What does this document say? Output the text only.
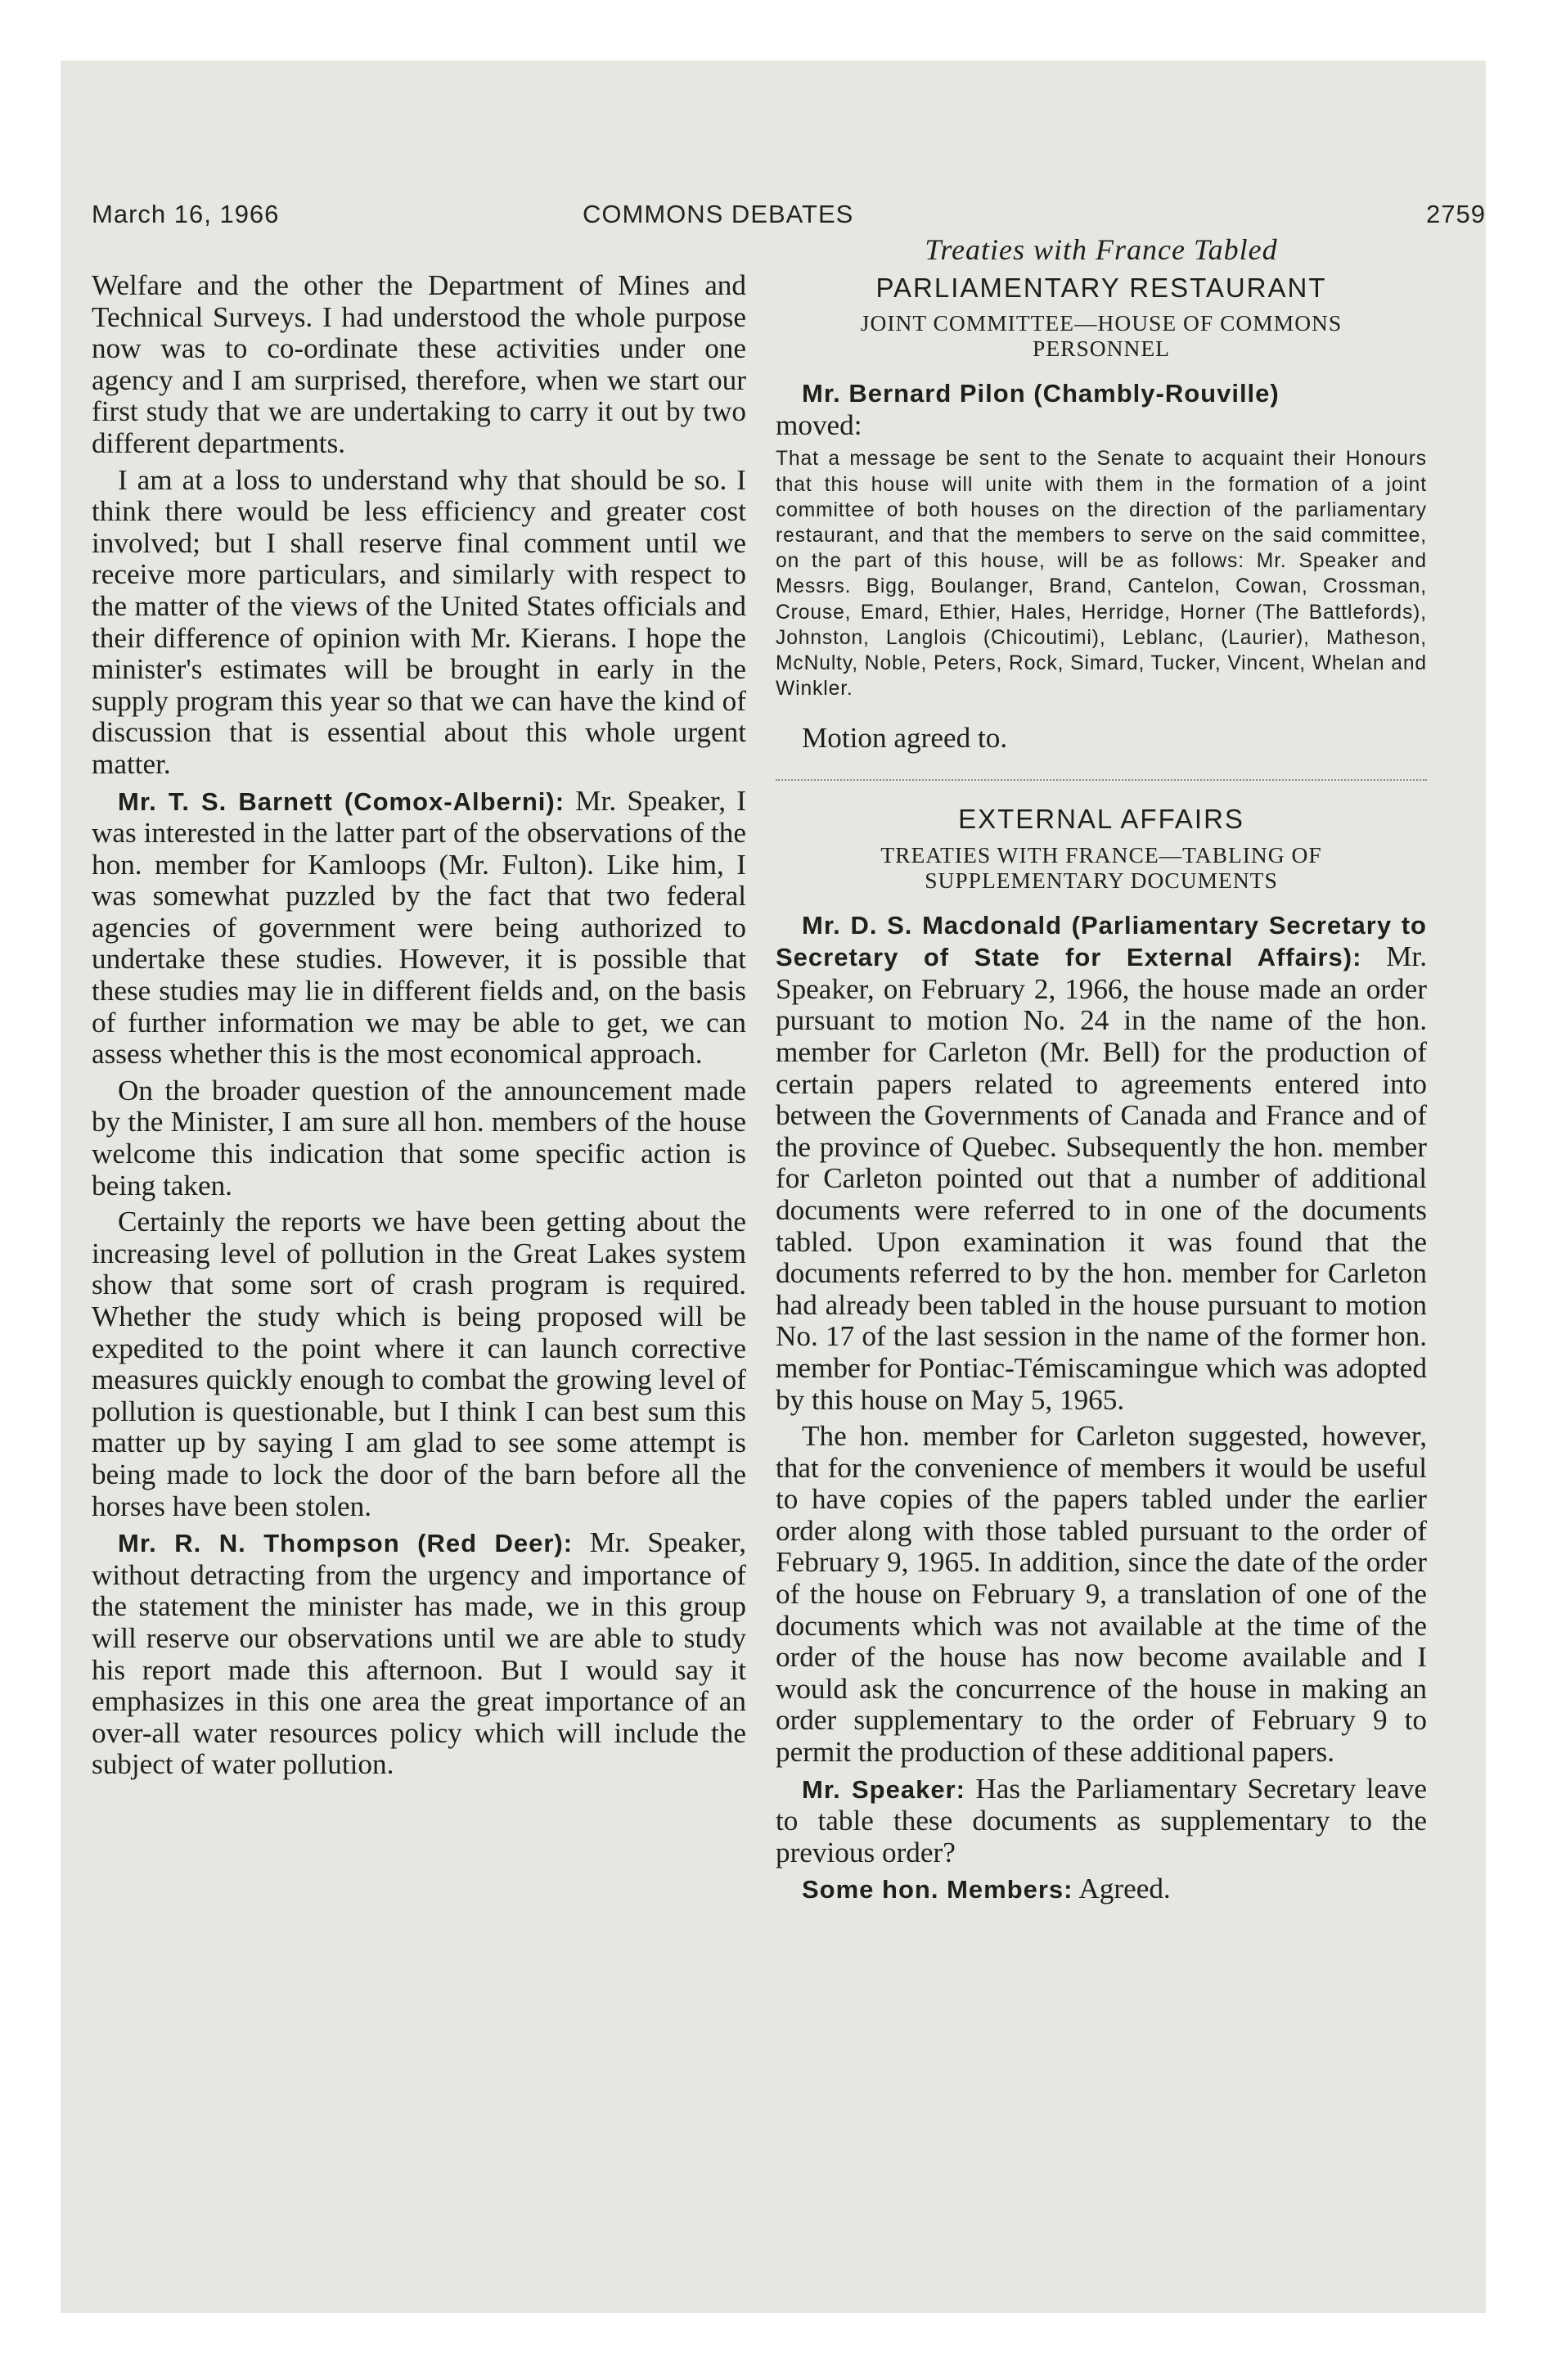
March 16, 1966	COMMONS DEBATES	2759

Welfare and the other the Department of Mines and Technical Surveys. I had understood the whole purpose now was to co-ordinate these activities under one agency and I am surprised, therefore, when we start our first study that we are undertaking to carry it out by two different departments.

I am at a loss to understand why that should be so. I think there would be less efficiency and greater cost involved; but I shall reserve final comment until we receive more particulars, and similarly with respect to the matter of the views of the United States officials and their difference of opinion with Mr. Kierans. I hope the minister's estimates will be brought in early in the supply program this year so that we can have the kind of discussion that is essential about this whole urgent matter.

Mr. T. S. Barnett (Comox-Alberni): Mr. Speaker, I was interested in the latter part of the observations of the hon. member for Kamloops (Mr. Fulton). Like him, I was somewhat puzzled by the fact that two federal agencies of government were being authorized to undertake these studies. However, it is possible that these studies may lie in different fields and, on the basis of further information we may be able to get, we can assess whether this is the most economical approach.

On the broader question of the announcement made by the Minister, I am sure all hon. members of the house welcome this indication that some specific action is being taken.

Certainly the reports we have been getting about the increasing level of pollution in the Great Lakes system show that some sort of crash program is required. Whether the study which is being proposed will be expedited to the point where it can launch corrective measures quickly enough to combat the growing level of pollution is questionable, but I think I can best sum this matter up by saying I am glad to see some attempt is being made to lock the door of the barn before all the horses have been stolen.

Mr. R. N. Thompson (Red Deer): Mr. Speaker, without detracting from the urgency and importance of the statement the minister has made, we in this group will reserve our observations until we are able to study his report made this afternoon. But I would say it emphasizes in this one area the great importance of an over-all water resources policy which will include the subject of water pollution.

Treaties with France Tabled
PARLIAMENTARY RESTAURANT
JOINT COMMITTEE—HOUSE OF COMMONS
PERSONNEL

Mr. Bernard Pilon (Chambly-Rouville)

moved:

That a message be sent to the Senate to acquaint their Honours that this house will unite with them in the formation of a joint committee of both houses on the direction of the parliamentary restaurant, and that the members to serve on the said committee, on the part of this house, will be as follows: Mr. Speaker and Messrs. Bigg, Boulanger, Brand, Cantelon, Cowan, Crossman, Crouse, Emard, Ethier, Hales, Herridge, Horner (The Battlefords), Johnston, Langlois (Chicoutimi), Leblanc, (Laurier), Matheson, McNulty, Noble, Peters, Rock, Simard, Tucker, Vincent, Whelan and Winkler.

Motion agreed to.

EXTERNAL AFFAIRS
TREATIES WITH FRANCE—TABLING OF
SUPPLEMENTARY DOCUMENTS

Mr. D. S. Macdonald (Parliamentary Secretary to Secretary of State for External Affairs): Mr. Speaker, on February 2, 1966, the house made an order pursuant to motion No. 24 in the name of the hon. member for Carleton (Mr. Bell) for the production of certain papers related to agreements entered into between the Governments of Canada and France and of the province of Quebec. Subsequently the hon. member for Carleton pointed out that a number of additional documents were referred to in one of the documents tabled. Upon examination it was found that the documents referred to by the hon. member for Carleton had already been tabled in the house pursuant to motion No. 17 of the last session in the name of the former hon. member for Pontiac-Témiscamingue which was adopted by this house on May 5, 1965.

The hon. member for Carleton suggested, however, that for the convenience of members it would be useful to have copies of the papers tabled under the earlier order along with those tabled pursuant to the order of February 9, 1965. In addition, since the date of the order of the house on February 9, a translation of one of the documents which was not available at the time of the order of the house has now become available and I would ask the concurrence of the house in making an order supplementary to the order of February 9 to permit the production of these additional papers.

Mr. Speaker: Has the Parliamentary Secretary leave to table these documents as supplementary to the previous order?

Some hon. Members: Agreed.
